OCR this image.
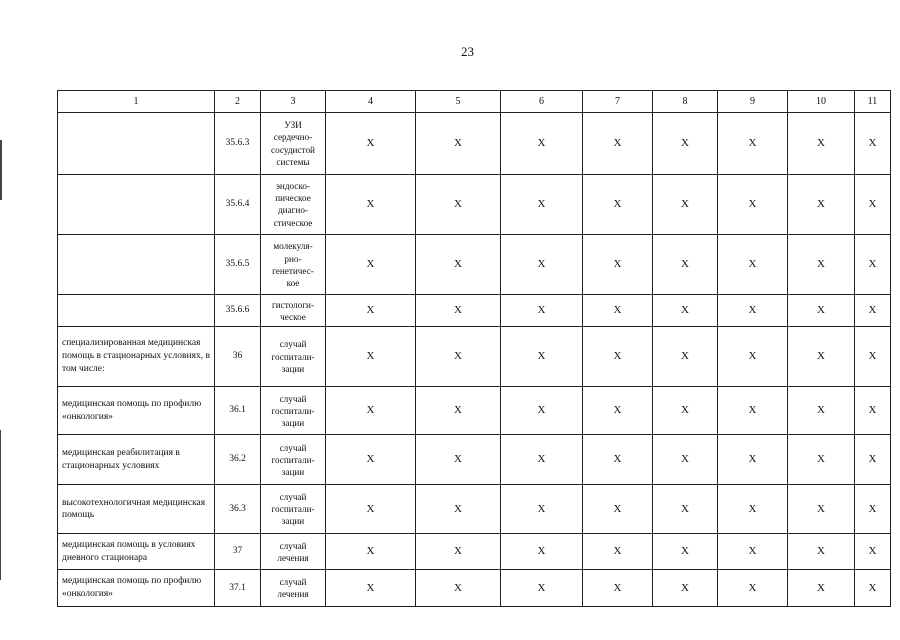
23
1	2	3	4	5	6	7	8	9	10	11
	35.6.3	УЗИ
сердечно-
сосудистой
системы	X	X	X	X	X	X	X	X
	35.6.4	эндоско-
пическое
диагно-
стическое	X	X	X	X	X	X	X	X
	35.6.5	молекуля-
рно-
генетичес-
кое	X	X	X	X	X	X	X	X
	35.6.6	гистологи-
ческое	X	X	X	X	X	X	X	X
специализированная медицинская помощь в стационарных условиях, в том числе:	36	случай
госпитали-
зации	X	X	X	X	X	X	X	X
медицинская помощь по профилю «онкология»	36.1	случай
госпитали-
зации	X	X	X	X	X	X	X	X
медицинская реабилитация в стационарных условиях	36.2	случай
госпитали-
зации	X	X	X	X	X	X	X	X
высокотехнологичная медицинская помощь	36.3	случай
госпитали-
зации	X	X	X	X	X	X	X	X
медицинская помощь в условиях дневного стационара	37	случай
лечения	X	X	X	X	X	X	X	X
медицинская помощь по профилю «онкология»	37.1	случай
лечения	X	X	X	X	X	X	X	X
